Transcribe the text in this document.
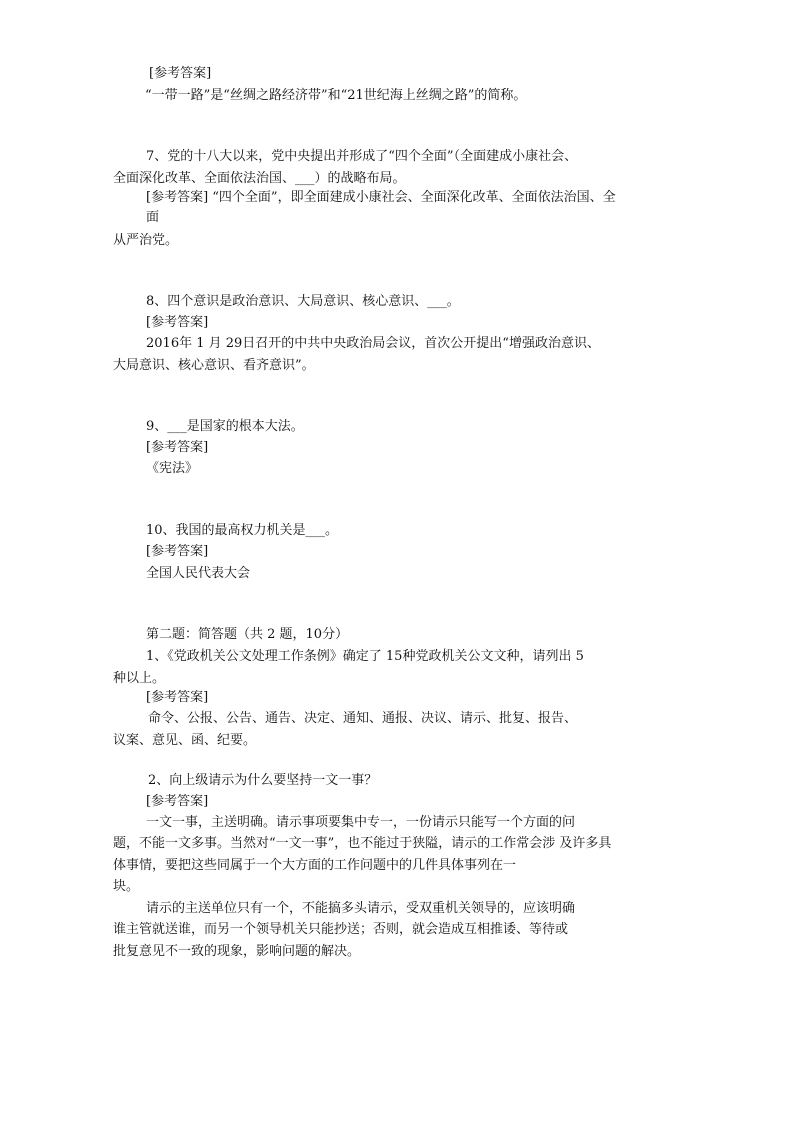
[参考答案]
“一带一路”是“丝绸之路经济带”和“21世纪海上丝绸之路”的简称。
7、党的十八大以来，党中央提出并形成了“四个全面”（全面建成小康社会、
全面深化改革、全面依法治国、___）的战略布局。
[参考答案] “四个全面”，即全面建成小康社会、全面深化改革、全面依法治国、全
面
从严治党。
8、四个意识是政治意识、大局意识、核心意识、___。
[参考答案]
2016年 1 月 29日召开的中共中央政治局会议，首次公开提出“增强政治意识、
大局意识、核心意识、看齐意识”。
9、___是国家的根本大法。
[参考答案]
《宪法》
10、我国的最高权力机关是___。
[参考答案]
全国人民代表大会
第二题：简答题（共 2 题，10分）
1、《党政机关公文处理工作条例》确定了 15种党政机关公文文种，请列出 5
种以上。
[参考答案]
命令、公报、公告、通告、决定、通知、通报、决议、请示、批复、报告、
议案、意见、函、纪要。
2、向上级请示为什么要坚持一文一事？
[参考答案]
一文一事，主送明确。请示事项要集中专一，一份请示只能写一个方面的问
题，不能一文多事。当然对“一文一事”，也不能过于狭隘，请示的工作常会涉 及许多具
体事情，要把这些同属于一个大方面的工作问题中的几件具体事列在一
块。
请示的主送单位只有一个，不能搞多头请示，受双重机关领导的，应该明确
谁主管就送谁，而另一个领导机关只能抄送；否则，就会造成互相推诿、等待或
批复意见不一致的现象，影响问题的解决。
